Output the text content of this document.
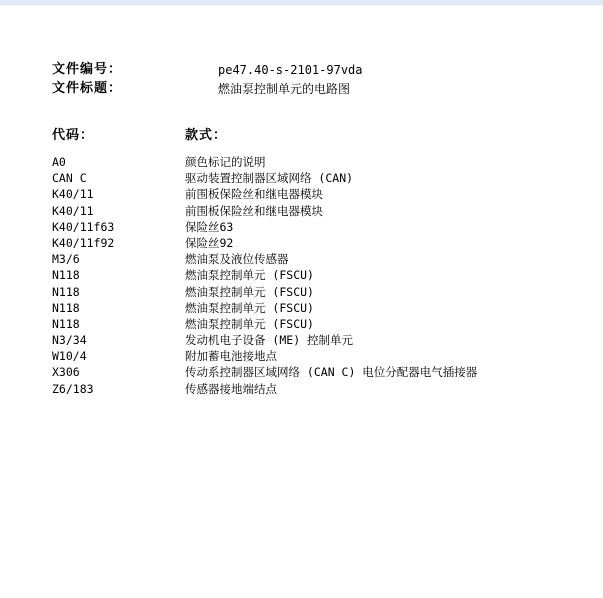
文件编号：	pe47.40-s-2101-97vda
文件标题：	燃油泵控制单元的电路图
代码：	款式：
A0	颜色标记的说明
CAN C	驱动装置控制器区域网络 (CAN)
K40/11	前围板保险丝和继电器模块
K40/11	前围板保险丝和继电器模块
K40/11f63	保险丝63
K40/11f92	保险丝92
M3/6	燃油泵及液位传感器
N118	燃油泵控制单元 (FSCU)
N118	燃油泵控制单元 (FSCU)
N118	燃油泵控制单元 (FSCU)
N118	燃油泵控制单元 (FSCU)
N3/34	发动机电子设备 (ME) 控制单元
W10/4	附加蓄电池接地点
X306	传动系控制器区域网络 (CAN C) 电位分配器电气插接器
Z6/183	传感器接地端结点
